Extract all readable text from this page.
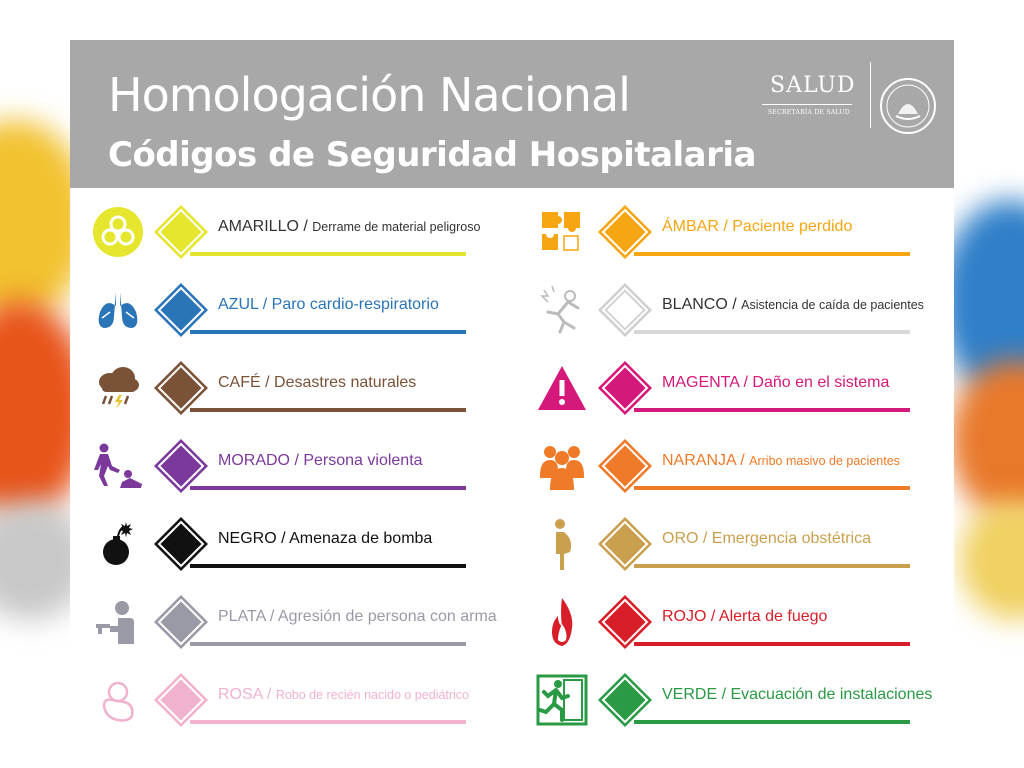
Homologación Nacional
Códigos de Seguridad Hospitalaria
SALUD
SECRETARÍA DE SALUD
AMARILLO / Derrame de material peligroso
AZUL / Paro cardio-respiratorio
CAFÉ / Desastres naturales
MORADO / Persona violenta
NEGRO / Amenaza de bomba
PLATA / Agresión de persona con arma
ROSA / Robo de recién nacido o pediátrico
ÁMBAR / Paciente perdido
BLANCO / Asistencia de caída de pacientes
MAGENTA / Daño en el sistema
NARANJA / Arribo masivo de pacientes
ORO / Emergencia obstétrica
ROJO / Alerta de fuego
VERDE / Evacuación de instalaciones
